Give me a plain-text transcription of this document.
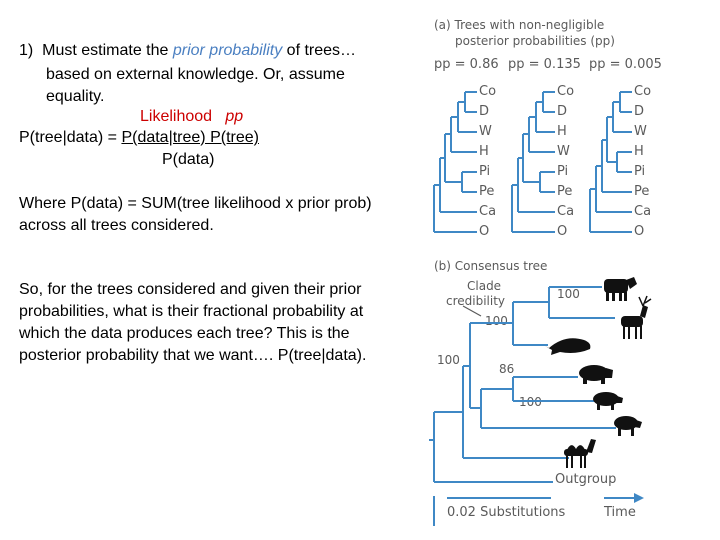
1) Must estimate the prior probability of trees…
based on external knowledge. Or, assume
equality.
Likelihood pp
P(tree|data) = P(data|tree) P(tree)
P(data)
Where P(data) = SUM(tree likelihood x prior prob)
across all trees considered.
So, for the trees considered and given their prior
probabilities, what is their fractional probability at
which the data produces each tree? This is the
posterior probability that we want…. P(tree|data).
(a) Trees with non-negligible
posterior probabilities (pp)
pp = 0.86 pp = 0.135 pp = 0.005
Co
D
W
H
Pi
Pe
Ca
O
Co
D
H
W
Pi
Pe
Ca
O
Co
D
W
H
Pi
Pe
Ca
O
(b) Consensus tree
Clade
credibility	100
100
100
86
100
Outgroup
0.02 Substitutions	Time
